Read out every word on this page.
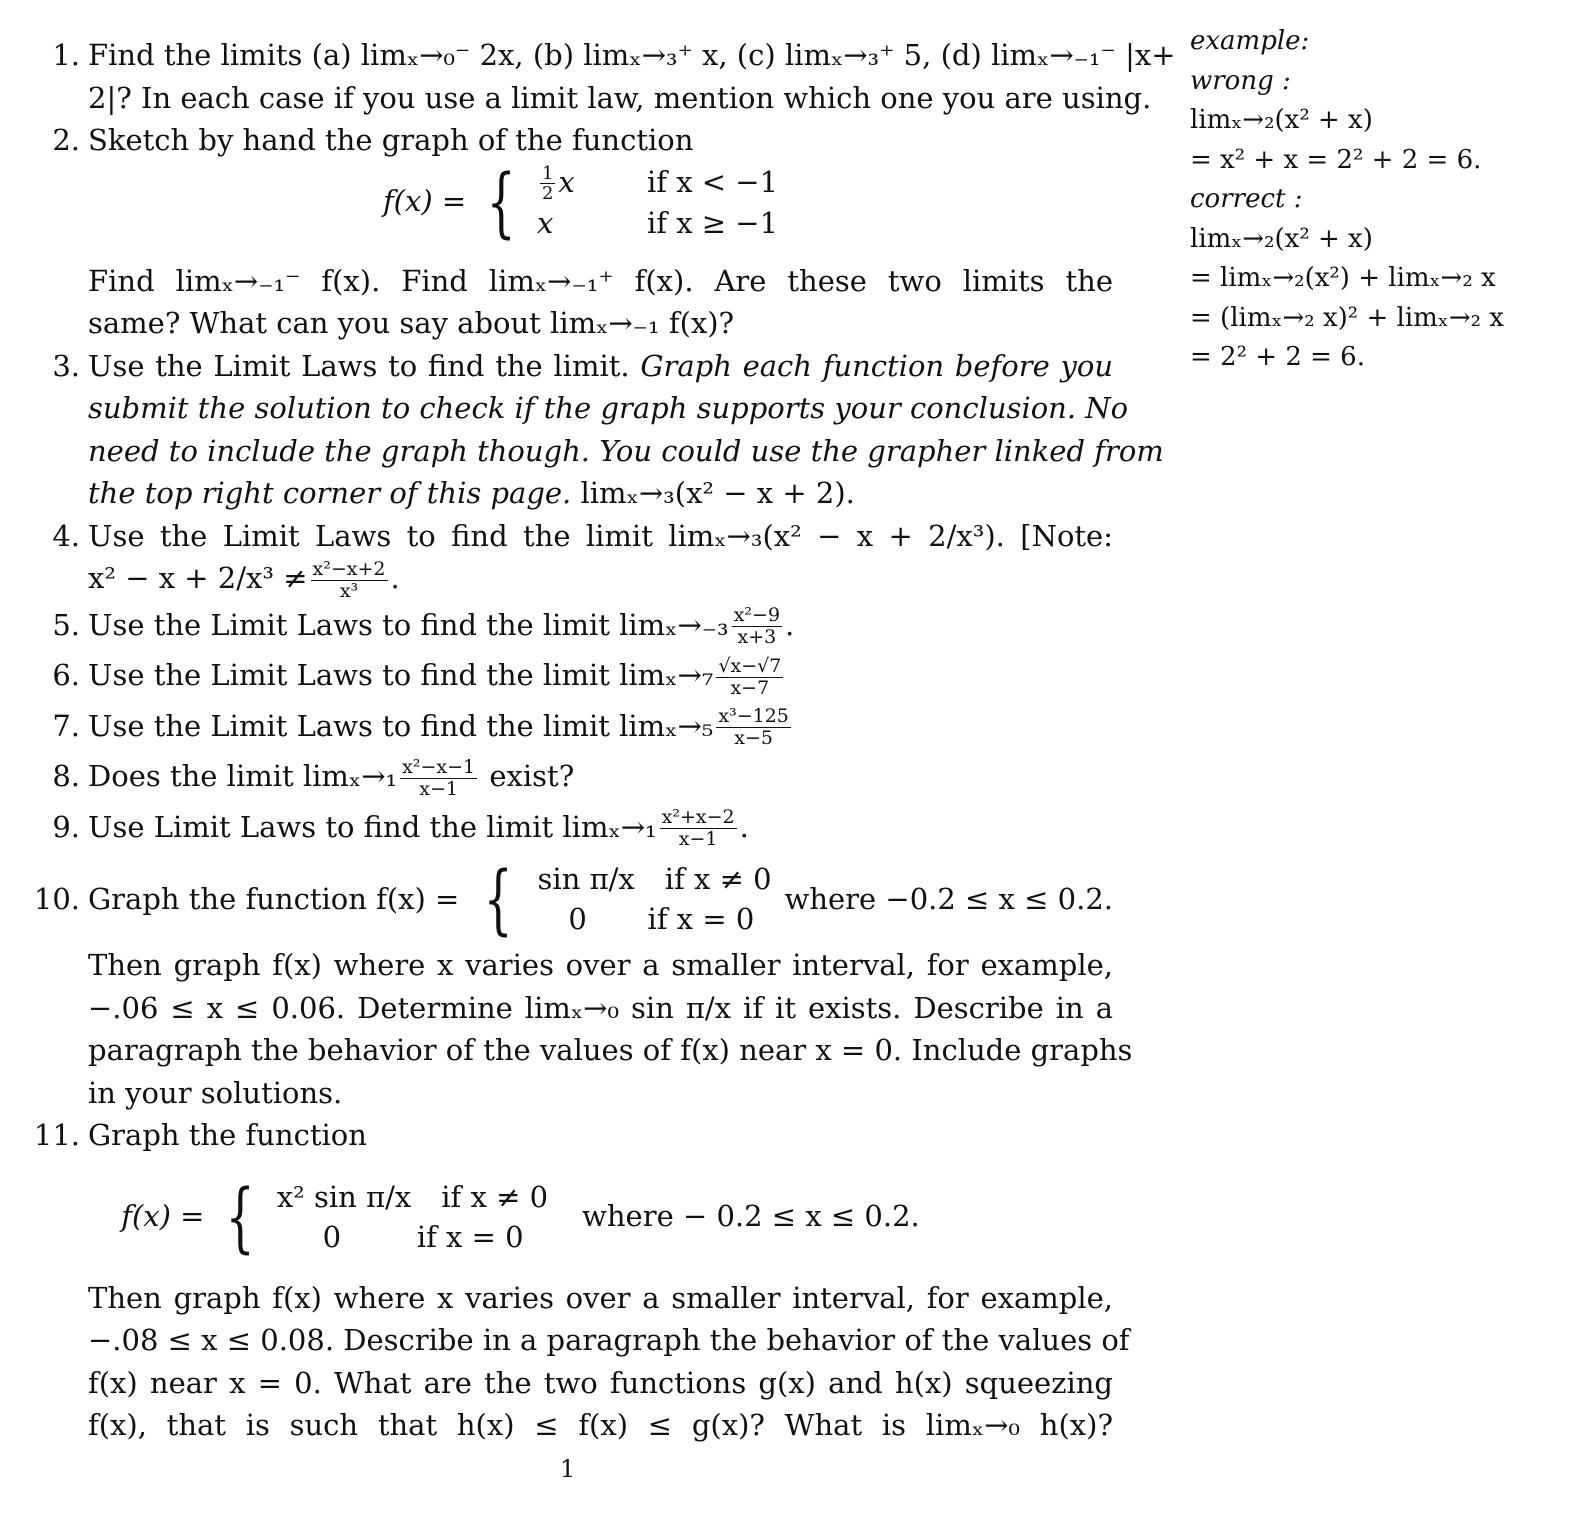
1. Find the limits (a) limₓ→₀⁻ 2x, (b) limₓ→₃⁺ x, (c) limₓ→₃⁺ 5, (d) limₓ→₋₁⁻ |x+
2|? In each case if you use a limit law, mention which one you are using.
2. Sketch by hand the graph of the function
f(x) = { $\frac{1}{2}$ x	if x < −1
x	if x ≥ −1
Find limₓ→₋₁⁻ f(x). Find limₓ→₋₁⁺ f(x). Are these two limits the
same? What can you say about limₓ→₋₁ f(x)?
3. Use the Limit Laws to find the limit. Graph each function before you
submit the solution to check if the graph supports your conclusion. No
need to include the graph though. You could use the grapher linked from
the top right corner of this page. limₓ→₃(x² − x + 2).
4. Use the Limit Laws to find the limit limₓ→₃(x² − x + 2/x³). [Note:
$x^2 - x + 2/x^3 \ne \frac{\text{x²−x+2}}{\text{x³}}$ .
5. Use the Limit Laws to find the limit $\lim_x\to_{-3} \frac{\text{x²−9}}{x+3}$ .
6. Use the Limit Laws to find the limit $\lim_x\to_7 \frac{√x-√7}{x-7}$
7. Use the Limit Laws to find the limit $\lim_x\to_5 \frac{\text{x³−125}}{x-5}$
8. Does the limit $\lim_x\to_1 \frac{\text{x²−x−1}}{x-1}$ exist?
9. Use Limit Laws to find the limit $\lim_x\to_1 \frac{\text{x²+x−2}}{x-1}$ .
10. Graph the function f(x) = { sin π/x if x ≠ 0
0	if x = 0
where −0.2 ≤ x ≤ 0.2.
Then graph f(x) where x varies over a smaller interval, for example,
−.06 ≤ x ≤ 0.06. Determine limₓ→₀ sin π/x if it exists. Describe in a
paragraph the behavior of the values of f(x) near x = 0. Include graphs
in your solutions.
11. Graph the function
f(x) = { x² sin π/x if x ≠ 0
0	if x = 0
where − 0.2 ≤ x ≤ 0.2.
Then graph f(x) where x varies over a smaller interval, for example,
−.08 ≤ x ≤ 0.08. Describe in a paragraph the behavior of the values of
f(x) near x = 0. What are the two functions g(x) and h(x) squeezing
f(x), that is such that h(x) ≤ f(x) ≤ g(x)? What is limₓ→₀ h(x)?
example:
wrong :
limₓ→₂(x² + x)
= x² + x = 2² + 2 = 6.
correct :
limₓ→₂(x² + x)
= limₓ→₂(x²) + limₓ→₂ x
= (limₓ→₂ x)² + limₓ→₂ x
= 2² + 2 = 6.
1
